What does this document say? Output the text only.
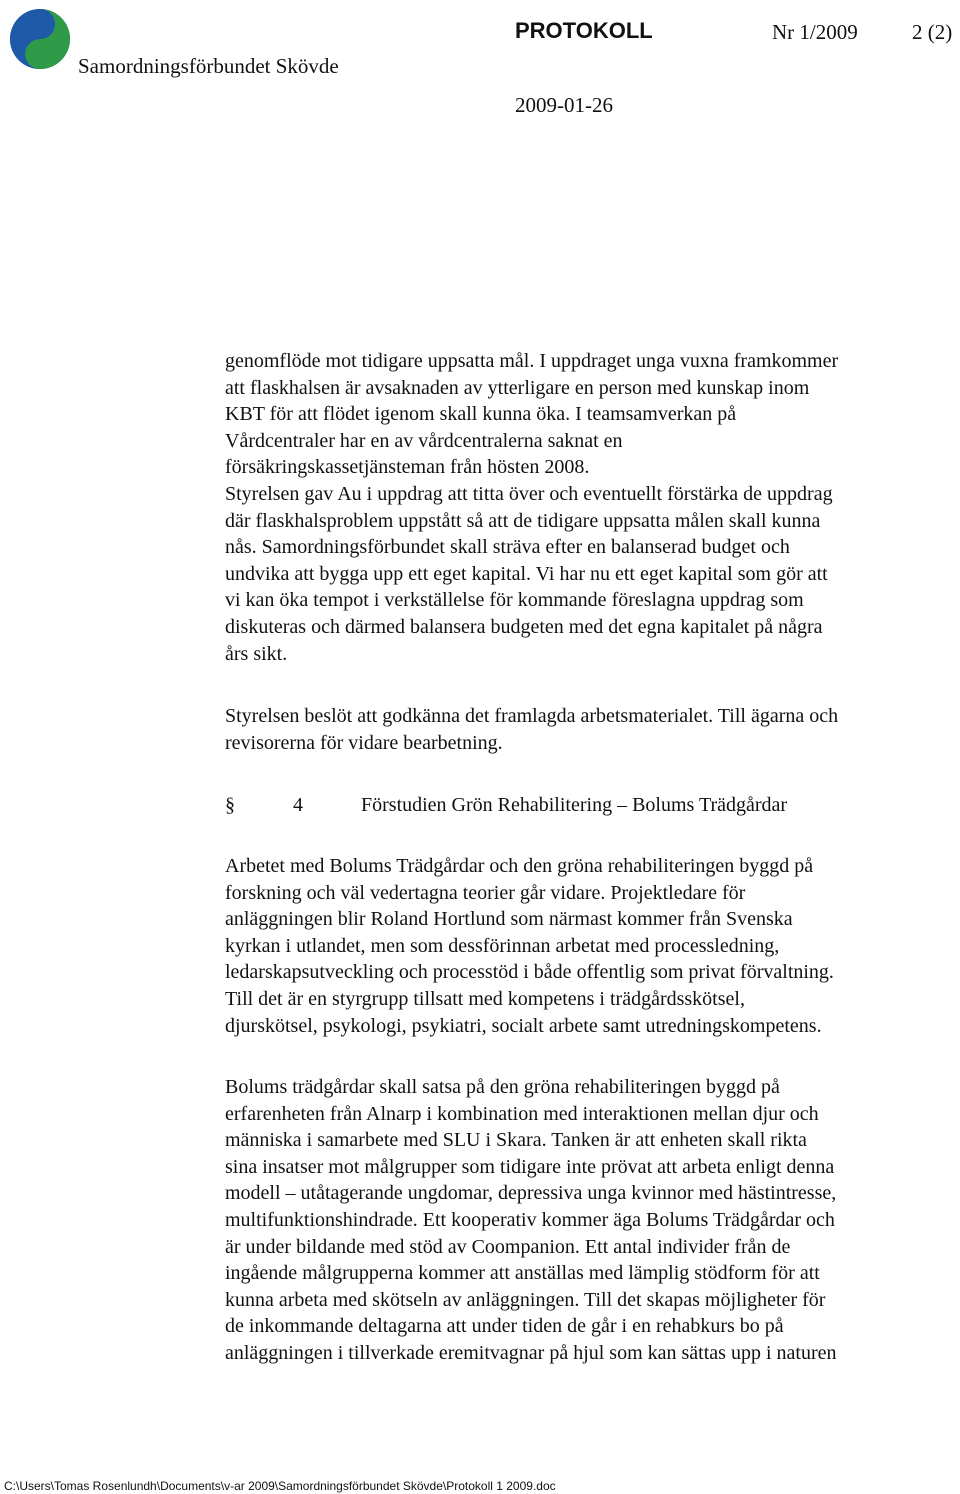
Samordningsförbundet Skövde
PROTOKOLL	Nr 1/2009	2 (2)
2009-01-26

genomflöde mot tidigare uppsatta mål. I uppdraget unga vuxna framkommer
att flaskhalsen är avsaknaden av ytterligare en person med kunskap inom
KBT för att flödet igenom skall kunna öka. I teamsamverkan på
Vårdcentraler har en av vårdcentralerna saknat en
försäkringskassetjänsteman från hösten 2008.
Styrelsen gav Au i uppdrag att titta över och eventuellt förstärka de uppdrag
där flaskhalsproblem uppstått så att de tidigare uppsatta målen skall kunna
nås. Samordningsförbundet skall sträva efter en balanserad budget och
undvika att bygga upp ett eget kapital. Vi har nu ett eget kapital som gör att
vi kan öka tempot i verkställelse för kommande föreslagna uppdrag som
diskuteras och därmed balansera budgeten med det egna kapitalet på några
års sikt.

Styrelsen beslöt att godkänna det framlagda arbetsmaterialet. Till ägarna och
revisorerna för vidare bearbetning.

§	4	Förstudien Grön Rehabilitering – Bolums Trädgårdar

Arbetet med Bolums Trädgårdar och den gröna rehabiliteringen byggd på
forskning och väl vedertagna teorier går vidare. Projektledare för
anläggningen blir Roland Hortlund som närmast kommer från Svenska
kyrkan i utlandet, men som dessförinnan arbetat med processledning,
ledarskapsutveckling och processtöd i både offentlig som privat förvaltning.
Till det är en styrgrupp tillsatt med kompetens i trädgårdsskötsel,
djurskötsel, psykologi, psykiatri, socialt arbete samt utredningskompetens.

Bolums trädgårdar skall satsa på den gröna rehabiliteringen byggd på
erfarenheten från Alnarp i kombination med interaktionen mellan djur och
människa i samarbete med SLU i Skara. Tanken är att enheten skall rikta
sina insatser mot målgrupper som tidigare inte prövat att arbeta enligt denna
modell – utåtagerande ungdomar, depressiva unga kvinnor med hästintresse,
multifunktionshindrade. Ett kooperativ kommer äga Bolums Trädgårdar och
är under bildande med stöd av Coompanion. Ett antal individer från de
ingående målgrupperna kommer att anställas med lämplig stödform för att
kunna arbeta med skötseln av anläggningen. Till det skapas möjligheter för
de inkommande deltagarna att under tiden de går i en rehabkurs bo på
anläggningen i tillverkade eremitvagnar på hjul som kan sättas upp i naturen

C:\Users\Tomas Rosenlundh\Documents\v-ar 2009\Samordningsförbundet Skövde\Protokoll 1 2009.doc
